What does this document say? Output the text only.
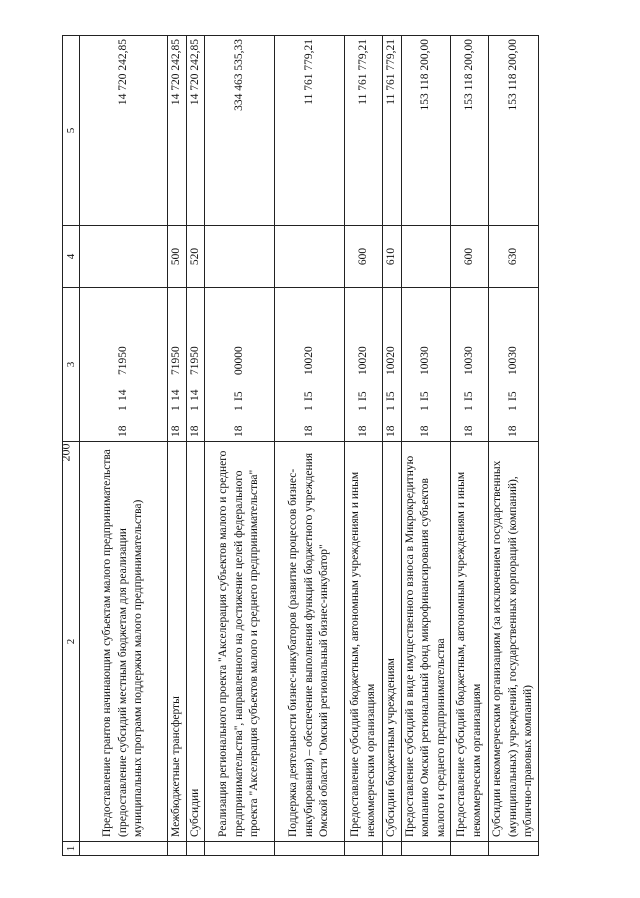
200
1	2	3	4	5
	Предоставление грантов начинающим субъектам малого предпринимательства (предоставление субсидий местным бюджетам для реализации муниципальных программ поддержки малого предпринимательства)	1811471950		14 720 242,85
	Межбюджетные трансферты	1811471950	500	14 720 242,85
	Субсидии	1811471950	520	14 720 242,85
	Реализация регионального проекта "Акселерация субъектов малого и среднего предпринимательства", направленного на достижение целей федерального проекта "Акселерация субъектов малого и среднего предпринимательства"	181I500000		334 463 535,33
	Поддержка деятельности бизнес-инкубаторов (развитие процессов бизнес-инкубирования) – обеспечение выполнения функций бюджетного учреждения Омской области "Омский региональный бизнес-инкубатор"	181I510020		11 761 779,21
	Предоставление субсидий бюджетным, автономным учреждениям и иным некоммерческим организациям	181I510020	600	11 761 779,21
	Субсидии бюджетным учреждениям	181I510020	610	11 761 779,21
	Предоставление субсидий в виде имущественного взноса в Микрокредитную компанию Омский региональный фонд микрофинансирования субъектов малого и среднего предпринимательства	181I510030		153 118 200,00
	Предоставление субсидий бюджетным, автономным учреждениям и иным некоммерческим организациям	181I510030	600	153 118 200,00
	Субсидии некоммерческим организациям (за исключением государственных (муниципальных) учреждений, государственных корпораций (компаний), публично-правовых компаний)	181I510030	630	153 118 200,00
